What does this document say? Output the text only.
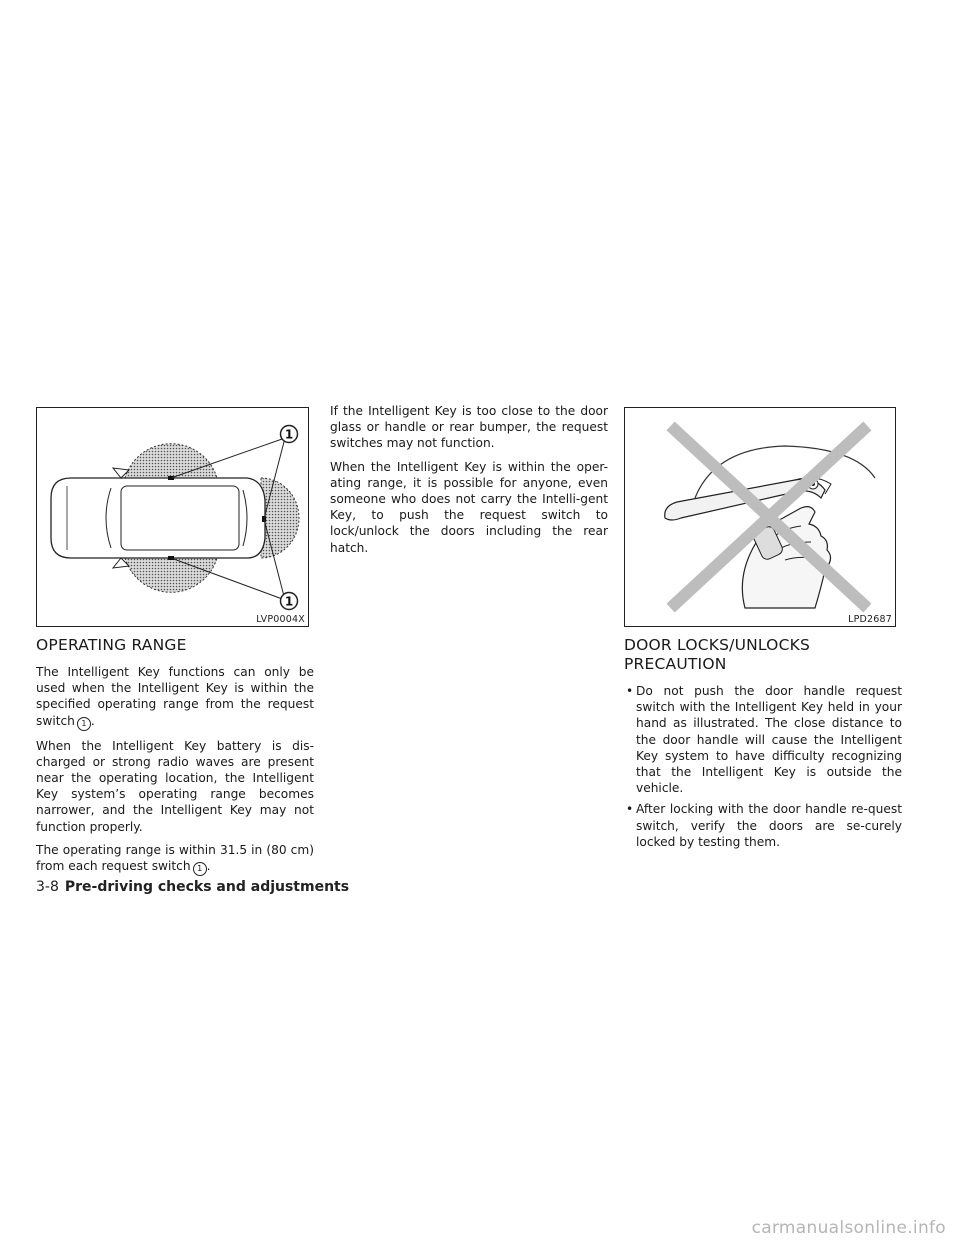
1
1
LVP0004X	LPD2687
OPERATING RANGE

The Intelligent Key functions can only be used when the Intelligent Key is within the specified operating range from the request switch 1 .

When the Intelligent Key battery is dis-charged or strong radio waves are present near the operating location, the Intelligent Key system’s operating range becomes narrower, and the Intelligent Key may not function properly.

The operating range is within 31.5 in (80 cm) from each request switch 1 .

If the Intelligent Key is too close to the door glass or handle or rear bumper, the request switches may not function.

When the Intelligent Key is within the oper-ating range, it is possible for anyone, even someone who does not carry the Intelli-gent Key, to push the request switch to lock/unlock the doors including the rear hatch.

DOOR LOCKS/UNLOCKS
PRECAUTION
• Do not push the door handle request switch with the Intelligent Key held in your hand as illustrated. The close distance to the door handle will cause the Intelligent Key system to have difficulty recognizing that the Intelligent Key is outside the vehicle.
• After locking with the door handle re-quest switch, verify the doors are se-curely locked by testing them.
3-8 Pre-driving checks and adjustments
carmanualsonline.info
